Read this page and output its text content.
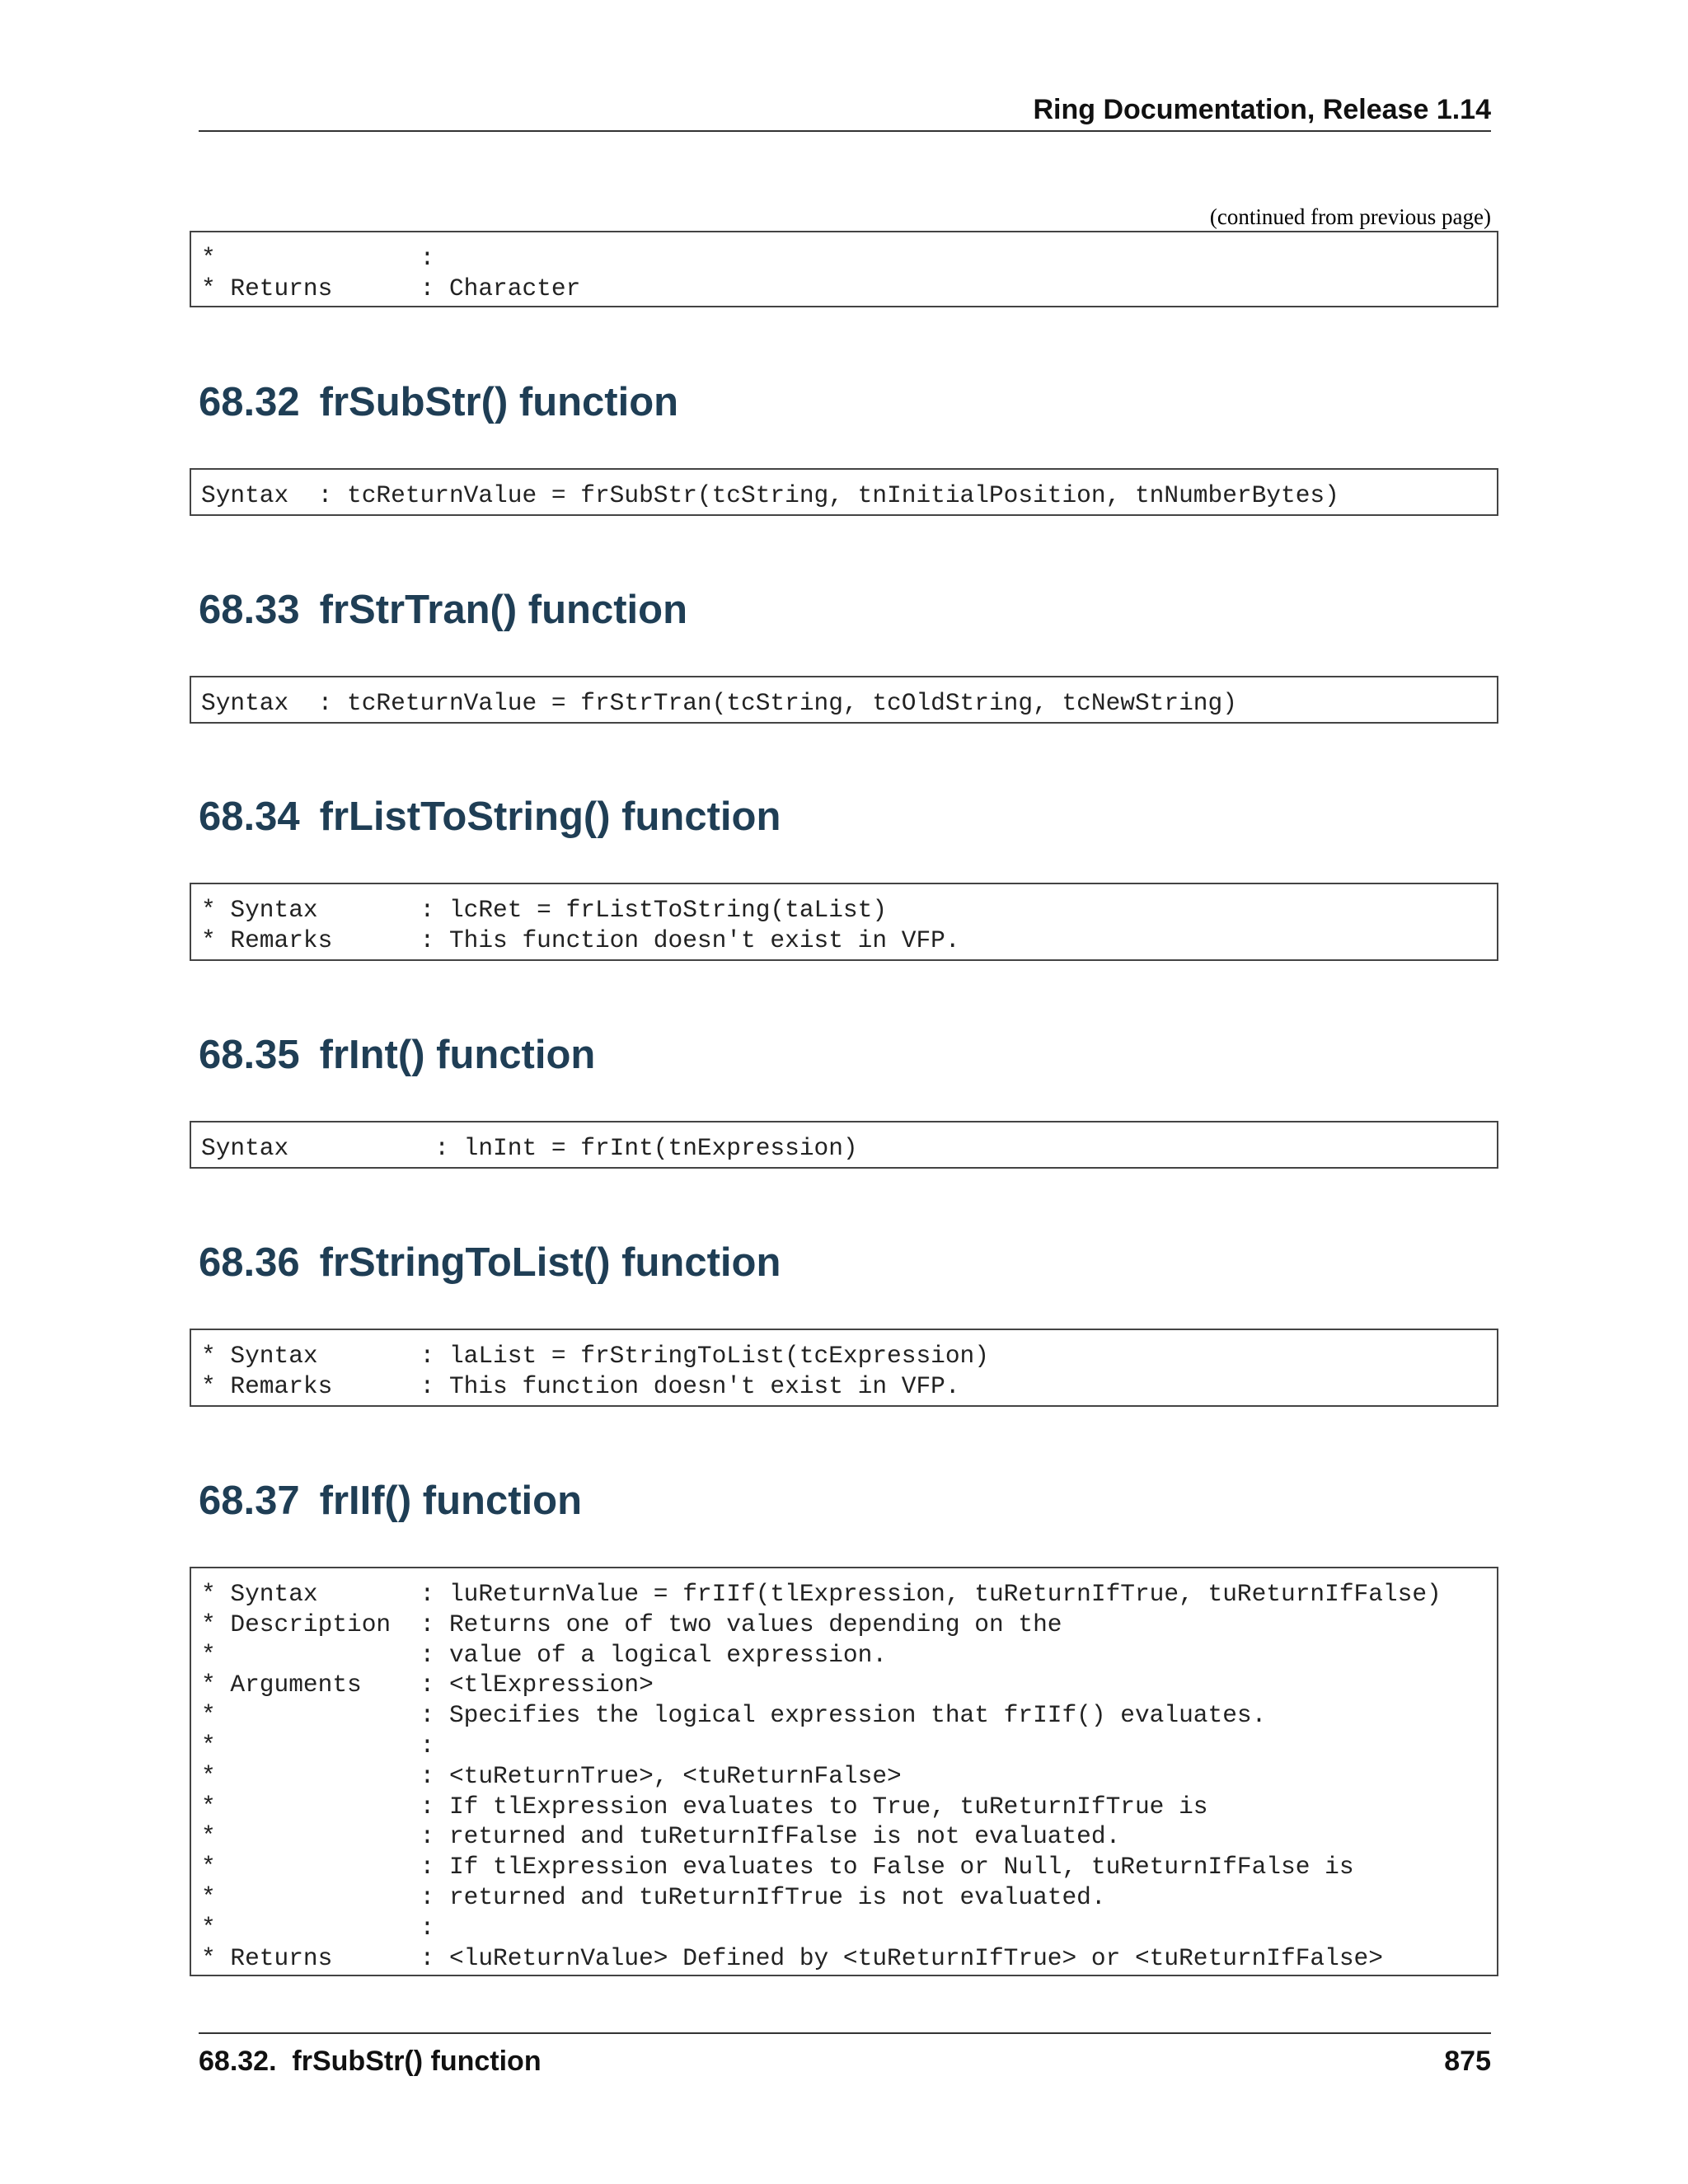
Ring Documentation, Release 1.14
(continued from previous page)
*              :
* Returns      : Character
68.32 frSubStr() function
Syntax  : tcReturnValue = frSubStr(tcString, tnInitialPosition, tnNumberBytes)
68.33 frStrTran() function
Syntax  : tcReturnValue = frStrTran(tcString, tcOldString, tcNewString)
68.34 frListToString() function
* Syntax       : lcRet = frListToString(taList)
* Remarks      : This function doesn't exist in VFP.
68.35 frInt() function
Syntax          : lnInt = frInt(tnExpression)
68.36 frStringToList() function
* Syntax       : laList = frStringToList(tcExpression)
* Remarks      : This function doesn't exist in VFP.
68.37 frIIf() function
* Syntax       : luReturnValue = frIIf(tlExpression, tuReturnIfTrue, tuReturnIfFalse)
* Description  : Returns one of two values depending on the
*              : value of a logical expression.
* Arguments    : <tlExpression>
*              : Specifies the logical expression that frIIf() evaluates.
*              :
*              : <tuReturnTrue>, <tuReturnFalse>
*              : If tlExpression evaluates to True, tuReturnIfTrue is
*              : returned and tuReturnIfFalse is not evaluated.
*              : If tlExpression evaluates to False or Null, tuReturnIfFalse is
*              : returned and tuReturnIfTrue is not evaluated.
*              :
* Returns      : <luReturnValue> Defined by <tuReturnIfTrue> or <tuReturnIfFalse>
68.32.  frSubStr() function	875
